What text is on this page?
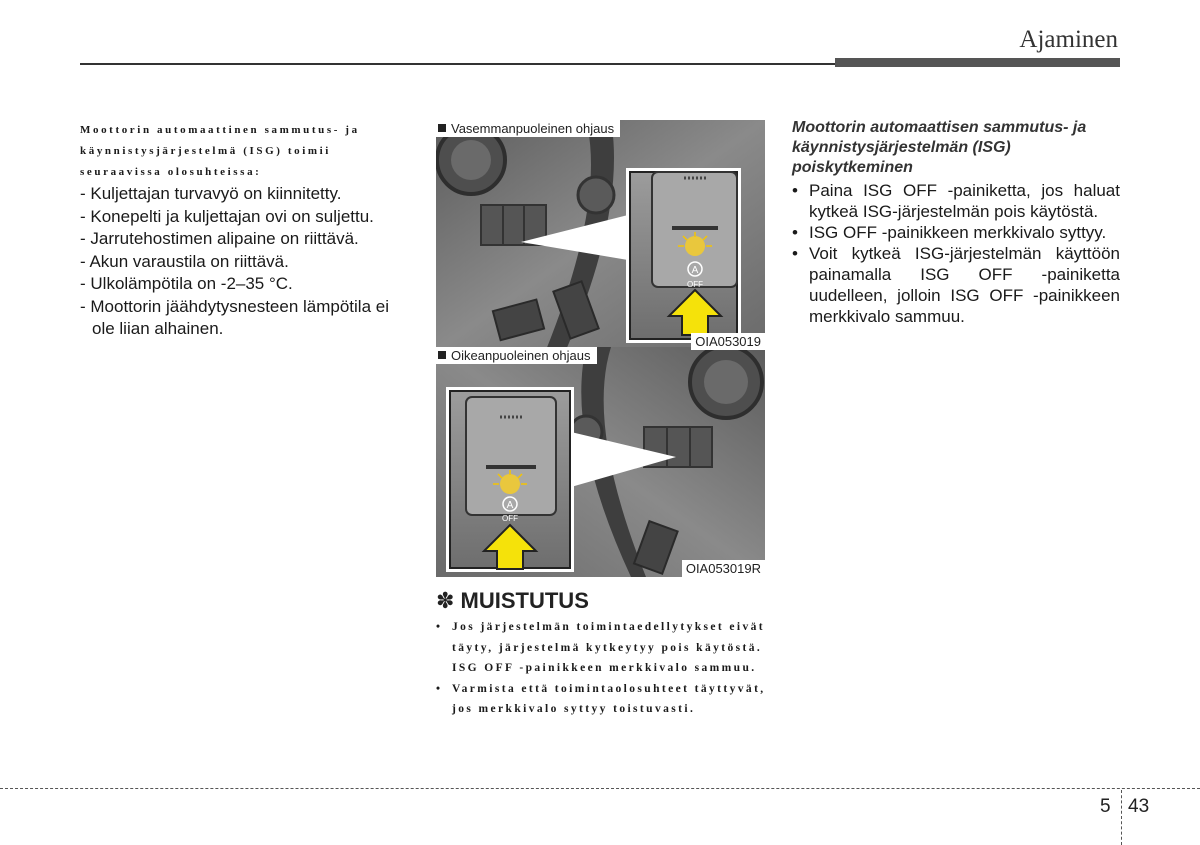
Ajaminen

Moottorin automaattinen sammutus- ja käynnistysjärjestelmä (ISG) toimii seuraavissa olosuhteissa:

- Kuljettajan turvavyö on kiinnitetty.
- Konepelti ja kuljettajan ovi on suljettu.
- Jarrutehostimen alipaine on riittävä.
- Akun varaustila on riittävä.
- Ulkolämpötila on -2–35 °C.
- Moottorin jäähdytysnesteen lämpötila ei ole liian alhainen.
Vasemmanpuoleinen ohjaus
A
OFF
OIA053019
Oikeanpuoleinen ohjaus
A
OFF
OIA053019R
✽ MUISTUTUS
• Jos järjestelmän toimintaedellytykset eivät täyty, järjestelmä kytkeytyy pois käytöstä. ISG OFF -painikkeen merkkivalo sammuu.
• Varmista että toimintaolosuhteet täyttyvät, jos merkkivalo syttyy toistuvasti.
Moottorin automaattisen sammutus- ja käynnistysjärjestelmän (ISG) poiskytkeminen
• Paina ISG OFF -painiketta, jos haluat kytkeä ISG-järjestelmän pois käytöstä.
• ISG OFF -painikkeen merkkivalo syttyy.
• Voit kytkeä ISG-järjestelmän käyttöön painamalla ISG OFF -painiketta uudelleen, jolloin ISG OFF -painikkeen merkkivalo sammuu.
5 43
